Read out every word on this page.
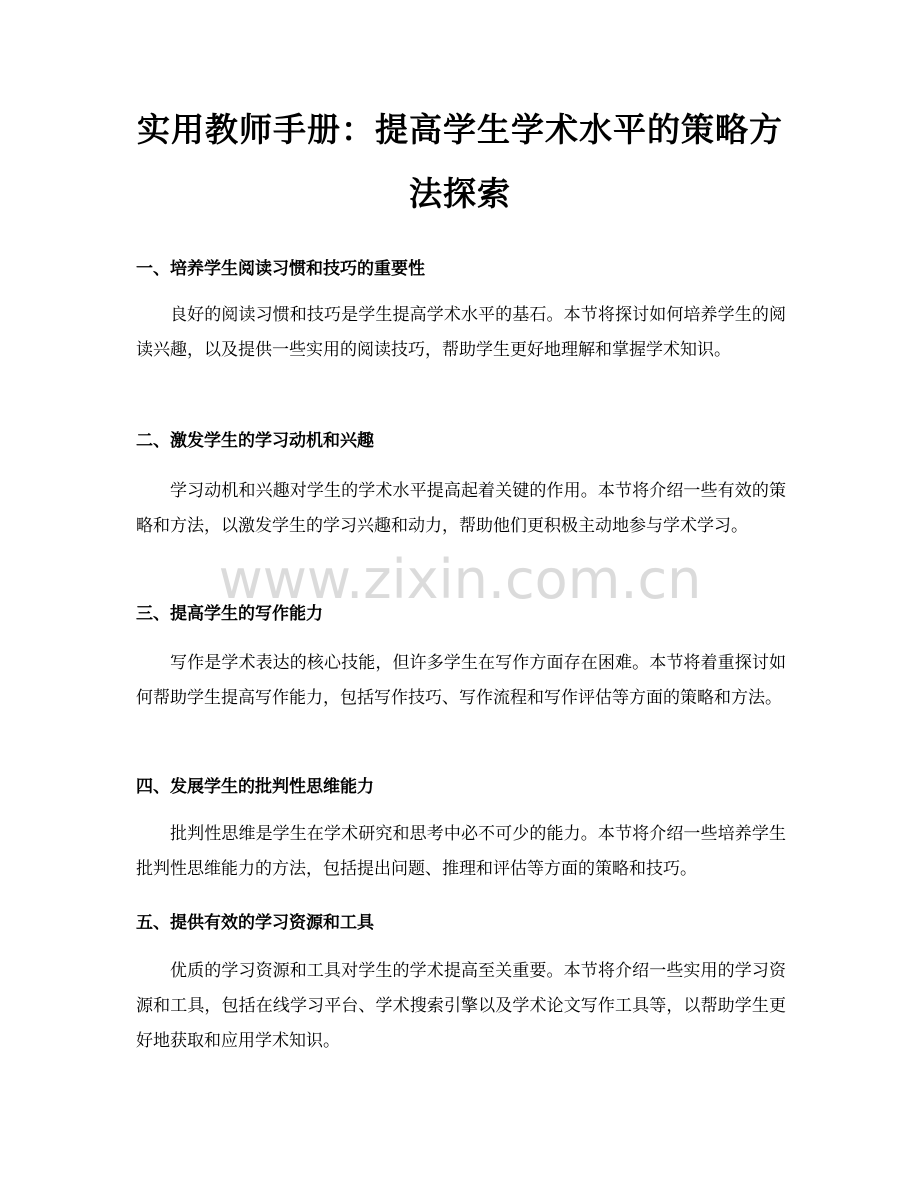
实用教师手册：提高学生学术水平的策略方法探索
一、培养学生阅读习惯和技巧的重要性

良好的阅读习惯和技巧是学生提高学术水平的基石。本节将探讨如何培养学生的阅读兴趣，以及提供一些实用的阅读技巧，帮助学生更好地理解和掌握学术知识。

二、激发学生的学习动机和兴趣

学习动机和兴趣对学生的学术水平提高起着关键的作用。本节将介绍一些有效的策略和方法，以激发学生的学习兴趣和动力，帮助他们更积极主动地参与学术学习。

三、提高学生的写作能力

写作是学术表达的核心技能，但许多学生在写作方面存在困难。本节将着重探讨如何帮助学生提高写作能力，包括写作技巧、写作流程和写作评估等方面的策略和方法。

四、发展学生的批判性思维能力

批判性思维是学生在学术研究和思考中必不可少的能力。本节将介绍一些培养学生批判性思维能力的方法，包括提出问题、推理和评估等方面的策略和技巧。

五、提供有效的学习资源和工具

优质的学习资源和工具对学生的学术提高至关重要。本节将介绍一些实用的学习资源和工具，包括在线学习平台、学术搜索引擎以及学术论文写作工具等，以帮助学生更好地获取和应用学术知识。

www.zixin.com.cn
